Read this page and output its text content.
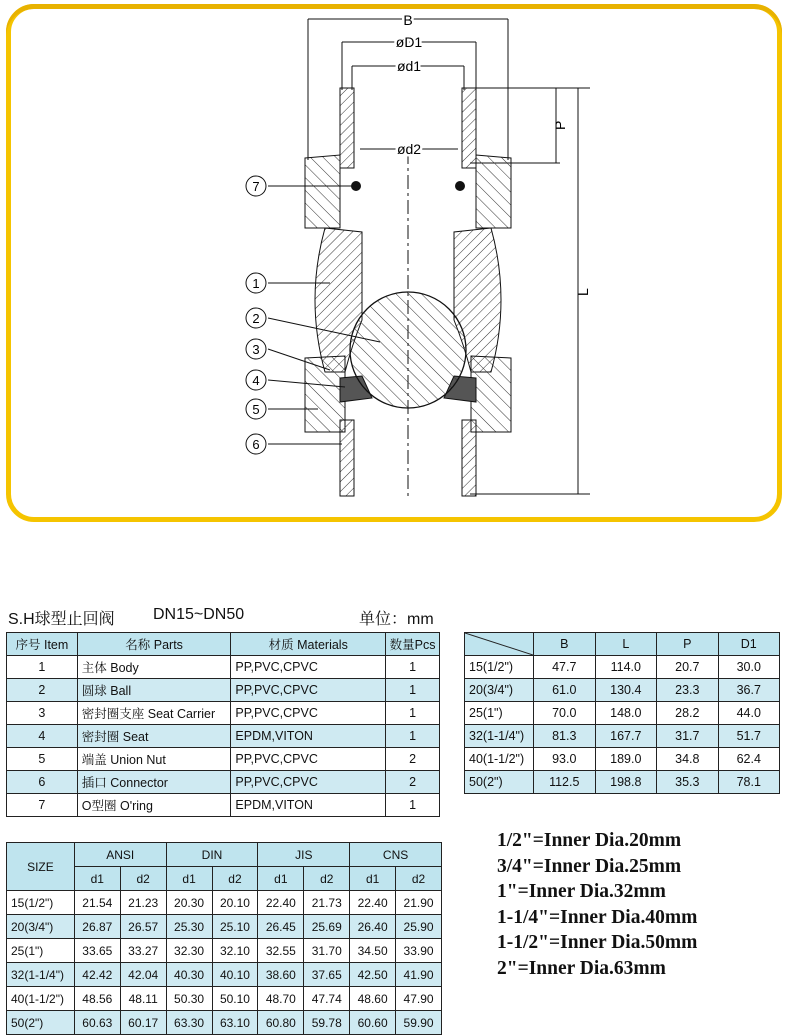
B
øD1
ød1
ød2
P
L
7
1
2
3
4
5
6
S.H球型止回阀 DN15~DN50	单位：mm
序号 Item	名称 Parts	材质 Materials	数量Pcs
1	主体 Body	PP,PVC,CPVC	1
2	圆球 Ball	PP,PVC,CPVC	1
3	密封圈支座 Seat Carrier	PP,PVC,CPVC	1
4	密封圈 Seat	EPDM,VITON	1
5	端盖 Union Nut	PP,PVC,CPVC	2
6	插口 Connector	PP,PVC,CPVC	2
7	O型圈 O'ring	EPDM,VITON	1
	B	L	P	D1
15(1/2")	47.7	114.0	20.7	30.0
20(3/4")	61.0	130.4	23.3	36.7
25(1")	70.0	148.0	28.2	44.0
32(1-1/4")	81.3	167.7	31.7	51.7
40(1-1/2")	93.0	189.0	34.8	62.4
50(2")	112.5	198.8	35.3	78.1
SIZE	ANSI		DIN		JIS		CNS	
	d1	d2	d1	d2	d1	d2	d1	d2
15(1/2")	21.54	21.23	20.30	20.10	22.40	21.73	22.40	21.90
20(3/4")	26.87	26.57	25.30	25.10	26.45	25.69	26.40	25.90
25(1")	33.65	33.27	32.30	32.10	32.55	31.70	34.50	33.90
32(1-1/4")	42.42	42.04	40.30	40.10	38.60	37.65	42.50	41.90
40(1-1/2")	48.56	48.11	50.30	50.10	48.70	47.74	48.60	47.90
50(2")	60.63	60.17	63.30	63.10	60.80	59.78	60.60	59.90
1/2"=Inner Dia.20mm
3/4"=Inner Dia.25mm
1"=Inner Dia.32mm
1-1/4"=Inner Dia.40mm
1-1/2"=Inner Dia.50mm
2"=Inner Dia.63mm
